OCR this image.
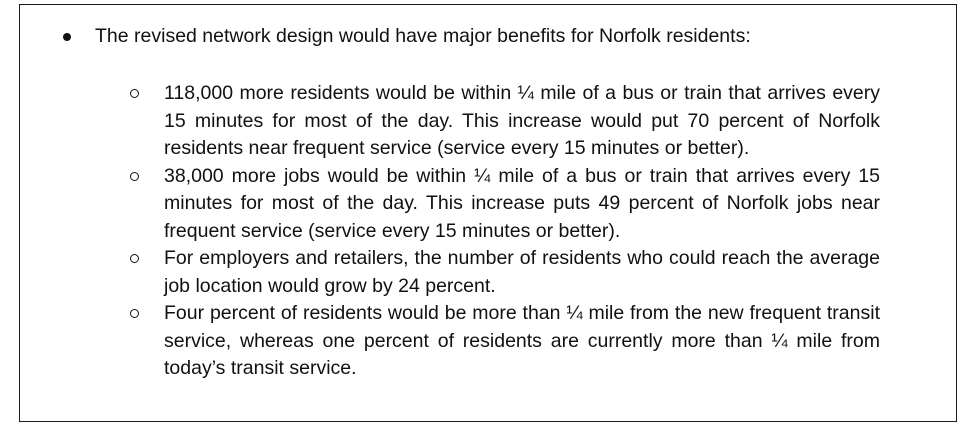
The revised network design would have major benefits for Norfolk residents:
118,000 more residents would be within ¼ mile of a bus or train that arrives every 15 minutes for most of the day. This increase would put 70 percent of Norfolk residents near frequent service (service every 15 minutes or better).
38,000 more jobs would be within ¼ mile of a bus or train that arrives every 15 minutes for most of the day. This increase puts 49 percent of Norfolk jobs near frequent service (service every 15 minutes or better).
For employers and retailers, the number of residents who could reach the average job location would grow by 24 percent.
Four percent of residents would be more than ¼ mile from the new frequent transit service, whereas one percent of residents are currently more than ¼ mile from today’s transit service.
